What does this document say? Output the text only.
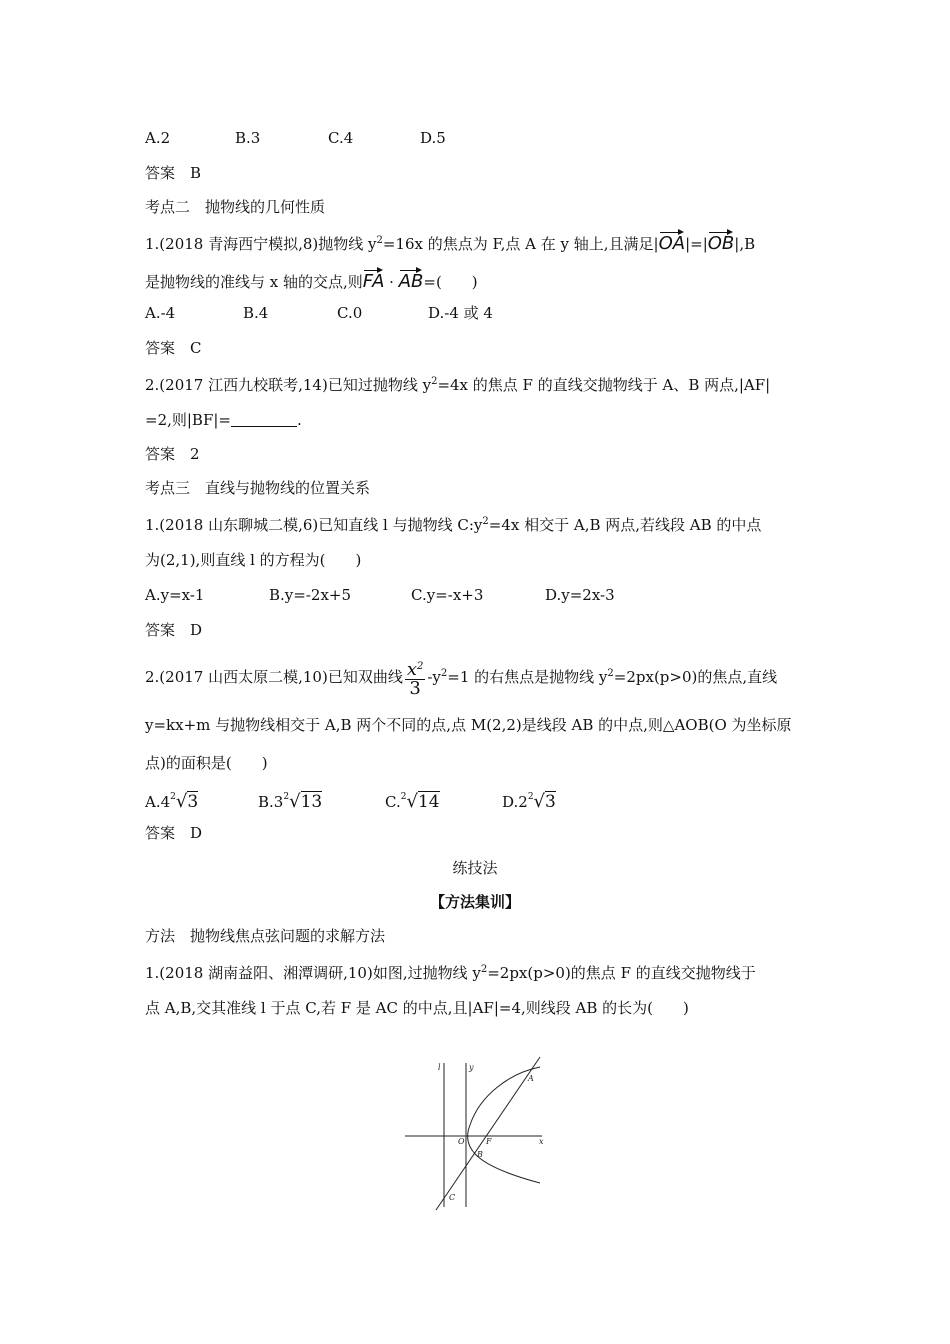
A.2	B.3	C.4	D.5
答案　B
考点二　抛物线的几何性质
1.(2018 青海西宁模拟,8)抛物线 $y^2=16x$ 的焦点为 F,点 A 在 y 轴上,且满足|OA|=|OB|,B
是抛物线的准线与 x 轴的交点,则FA · AB=(　　)
A.-4	B.4	C.0	D.-4 或 4
答案　C
2.(2017 江西九校联考,14)已知过抛物线 $y^2=4x$ 的焦点 F 的直线交抛物线于 A、B 两点,|AF|
=2,则|BF|=	.
答案　2
考点三　直线与抛物线的位置关系
1.(2018 山东聊城二模,6)已知直线 l 与抛物线 $C:y^2=4x$ 相交于 A,B 两点,若线段 AB 的中点
为(2,1),则直线 l 的方程为(　　)
A.y=x-1	B.y=-2x+5	C.y=-x+3	D.y=2x-3
答案　D
2.(2017 山西太原二模,10)已知双曲线 $\frac{x^2}{3} -y^2=1$ 的右焦点是抛物线 $y^2=2px(p>0)$的焦点,直线
y=kx+m 与抛物线相交于 A,B 两个不同的点,点 M(2,2)是线段 AB 的中点,则△AOB(O 为坐标原
点)的面积是(　　)
$A.4^2√3$	$B.3^2√13$	C.$^2$√14	$D.2^2√3$
答案　D
练技法
【方法集训】
方法　抛物线焦点弦问题的求解方法
1.(2018 湖南益阳、湘潭调研,10)如图,过抛物线 $y^2=2px(p>0)$的焦点 F 的直线交抛物线于
点 A,B,交其准线 l 于点 C,若 F 是 AC 的中点,且|AF|=4,则线段 AB 的长为(　　)
l	y
x
O	F
A
B
C
